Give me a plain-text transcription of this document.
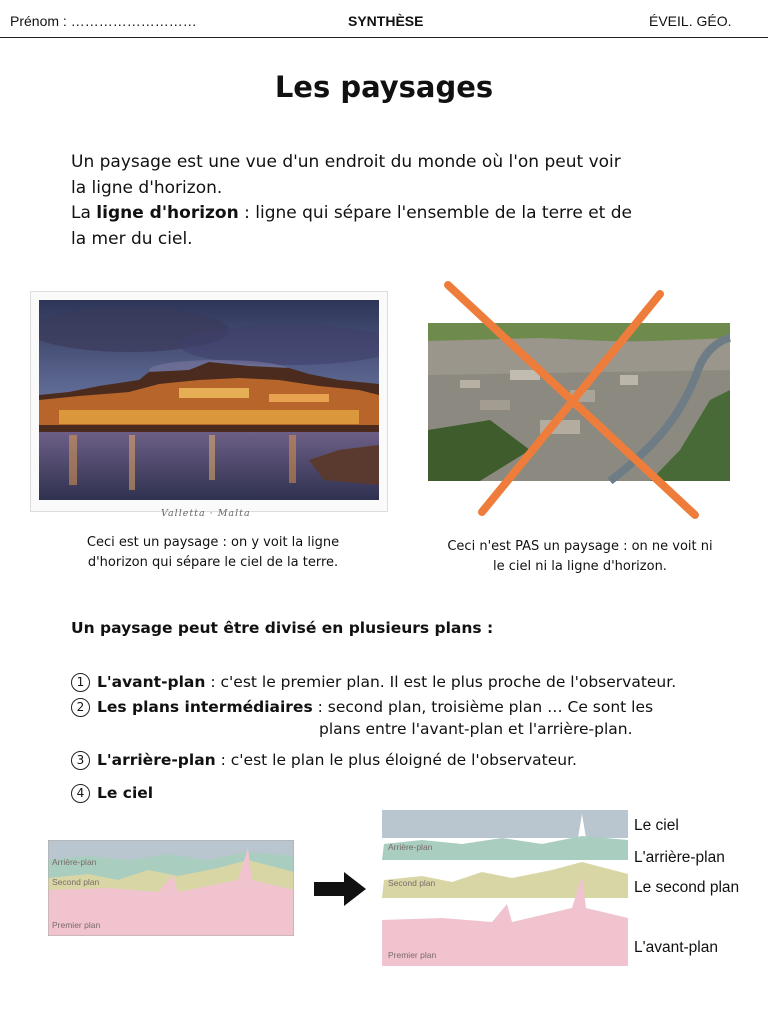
Prénom : ………………………	SYNTHÈSE	ÉVEIL. GÉO.
Les paysages
Un paysage est une vue d'un endroit du monde où l'on peut voir
la ligne d'horizon.
La ligne d'horizon : ligne qui sépare l'ensemble de la terre et de
la mer du ciel.
Valletta · Malta
Ceci est un paysage : on y voit la ligne
d'horizon qui sépare le ciel de la terre.
Ceci n'est PAS un paysage : on ne voit ni
le ciel ni la ligne d'horizon.
Un paysage peut être divisé en plusieurs plans :
1 L'avant-plan : c'est le premier plan. Il est le plus proche de l'observateur.
2 Les plans intermédiaires : second plan, troisième plan … Ce sont les
plans entre l'avant-plan et l'arrière-plan.
3 L'arrière-plan : c'est le plan le plus éloigné de l'observateur.
4 Le ciel
Arrière-plan
Second plan
Premier plan
Arrière-plan
Second plan
Premier plan
Le ciel
L'arrière-plan
Le second plan
L'avant-plan
